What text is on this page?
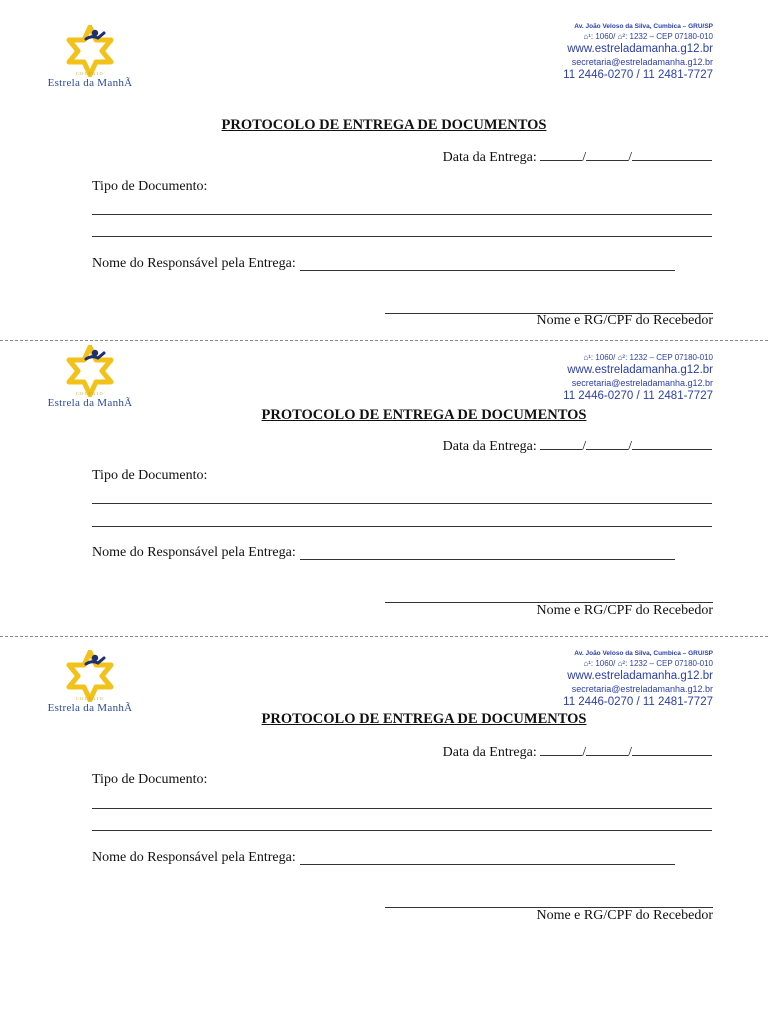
COLÉGIO
Estrela da ManhÃ
Av. João Veloso da Silva, Cumbica – GRU/SP
⌂¹: 1060/ ⌂²: 1232 – CEP 07180-010
www.estreladamanha.g12.br
secretaria@estreladamanha.g12.br
11 2446-0270 / 11 2481-7727
PROTOCOLO DE ENTREGA DE DOCUMENTOS
Data da Entrega:	/	/
Tipo de Documento:
Nome do Responsável pela Entrega:
Nome e RG/CPF do Recebedor
COLÉGIO
Estrela da ManhÃ
⌂¹: 1060/ ⌂²: 1232 – CEP 07180-010
www.estreladamanha.g12.br
secretaria@estreladamanha.g12.br
11 2446-0270 / 11 2481-7727
PROTOCOLO DE ENTREGA DE DOCUMENTOS
Data da Entrega:	/	/
Tipo de Documento:
Nome do Responsável pela Entrega:
Nome e RG/CPF do Recebedor
COLÉGIO
Estrela da ManhÃ
Av. João Veloso da Silva, Cumbica – GRU/SP
⌂¹: 1060/ ⌂²: 1232 – CEP 07180-010
www.estreladamanha.g12.br
secretaria@estreladamanha.g12.br
11 2446-0270 / 11 2481-7727
PROTOCOLO DE ENTREGA DE DOCUMENTOS
Data da Entrega:	/	/
Tipo de Documento:
Nome do Responsável pela Entrega:
Nome e RG/CPF do Recebedor
